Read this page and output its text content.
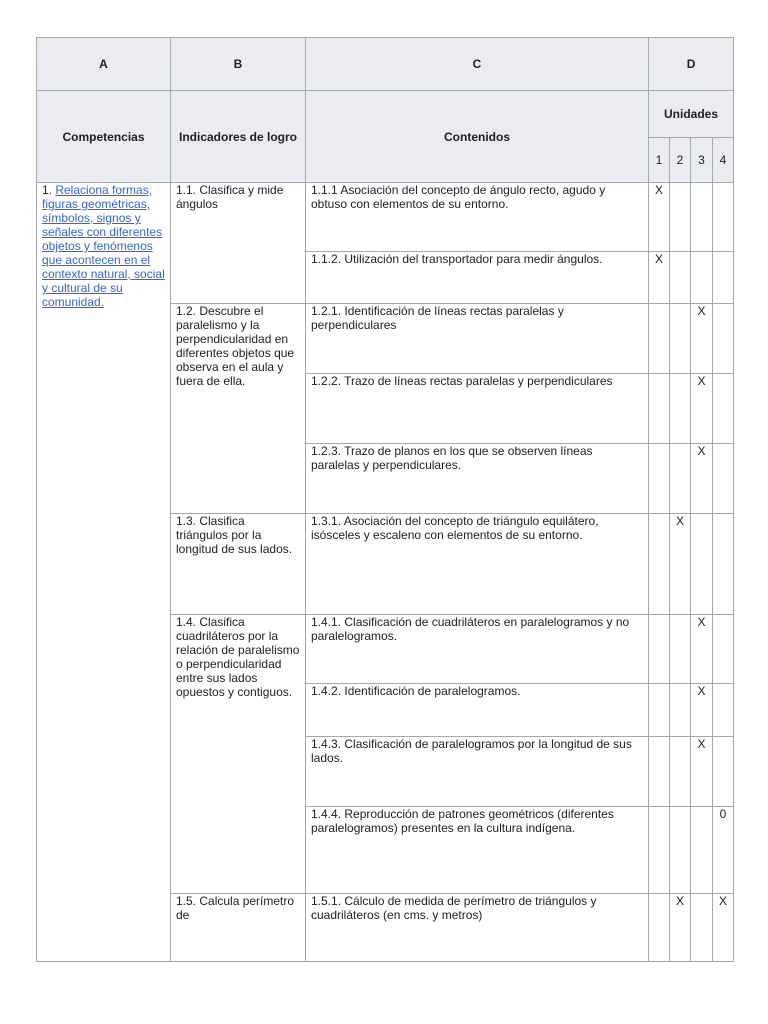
A	B	C	D			
Competencias	Indicadores de logro	Contenidos	Unidades			
			1	2	3	4
1. Relaciona formas, figuras geométricas, símbolos, signos y señales con diferentes objetos y fenómenos que acontecen en el contexto natural, social y cultural de su comunidad.	1.1. Clasifica y mide ángulos	1.1.1 Asociación del concepto de ángulo recto, agudo y obtuso con elementos de su entorno.	X			
		1.1.2. Utilización del transportador para medir ángulos.	X			
	1.2. Descubre el paralelismo y la perpendicularidad en diferentes objetos que observa en el aula y fuera de ella.	1.2.1. Identificación de líneas rectas paralelas y perpendiculares			X	
		1.2.2. Trazo de líneas rectas paralelas y perpendiculares			X	
		1.2.3. Trazo de planos en los que se observen líneas paralelas y perpendiculares.			X	
	1.3. Clasifica triángulos por la longitud de sus lados.	1.3.1. Asociación del concepto de triángulo equilátero, isósceles y escaleno con elementos de su entorno.		X		
	1.4. Clasifica cuadriláteros por la relación de paralelismo o perpendicularidad entre sus lados opuestos y contiguos.	1.4.1. Clasificación de cuadriláteros en paralelogramos y no paralelogramos.			X	
		1.4.2. Identificación de paralelogramos.			X	
		1.4.3. Clasificación de paralelogramos por la longitud de sus lados.			X	
		1.4.4. Reproducción de patrones geométricos (diferentes paralelogramos) presentes en la cultura indígena.				0
	1.5. Calcula perímetro de	1.5.1. Cálculo de medida de perímetro de triángulos y cuadriláteros (en cms. y metros)		X		X
